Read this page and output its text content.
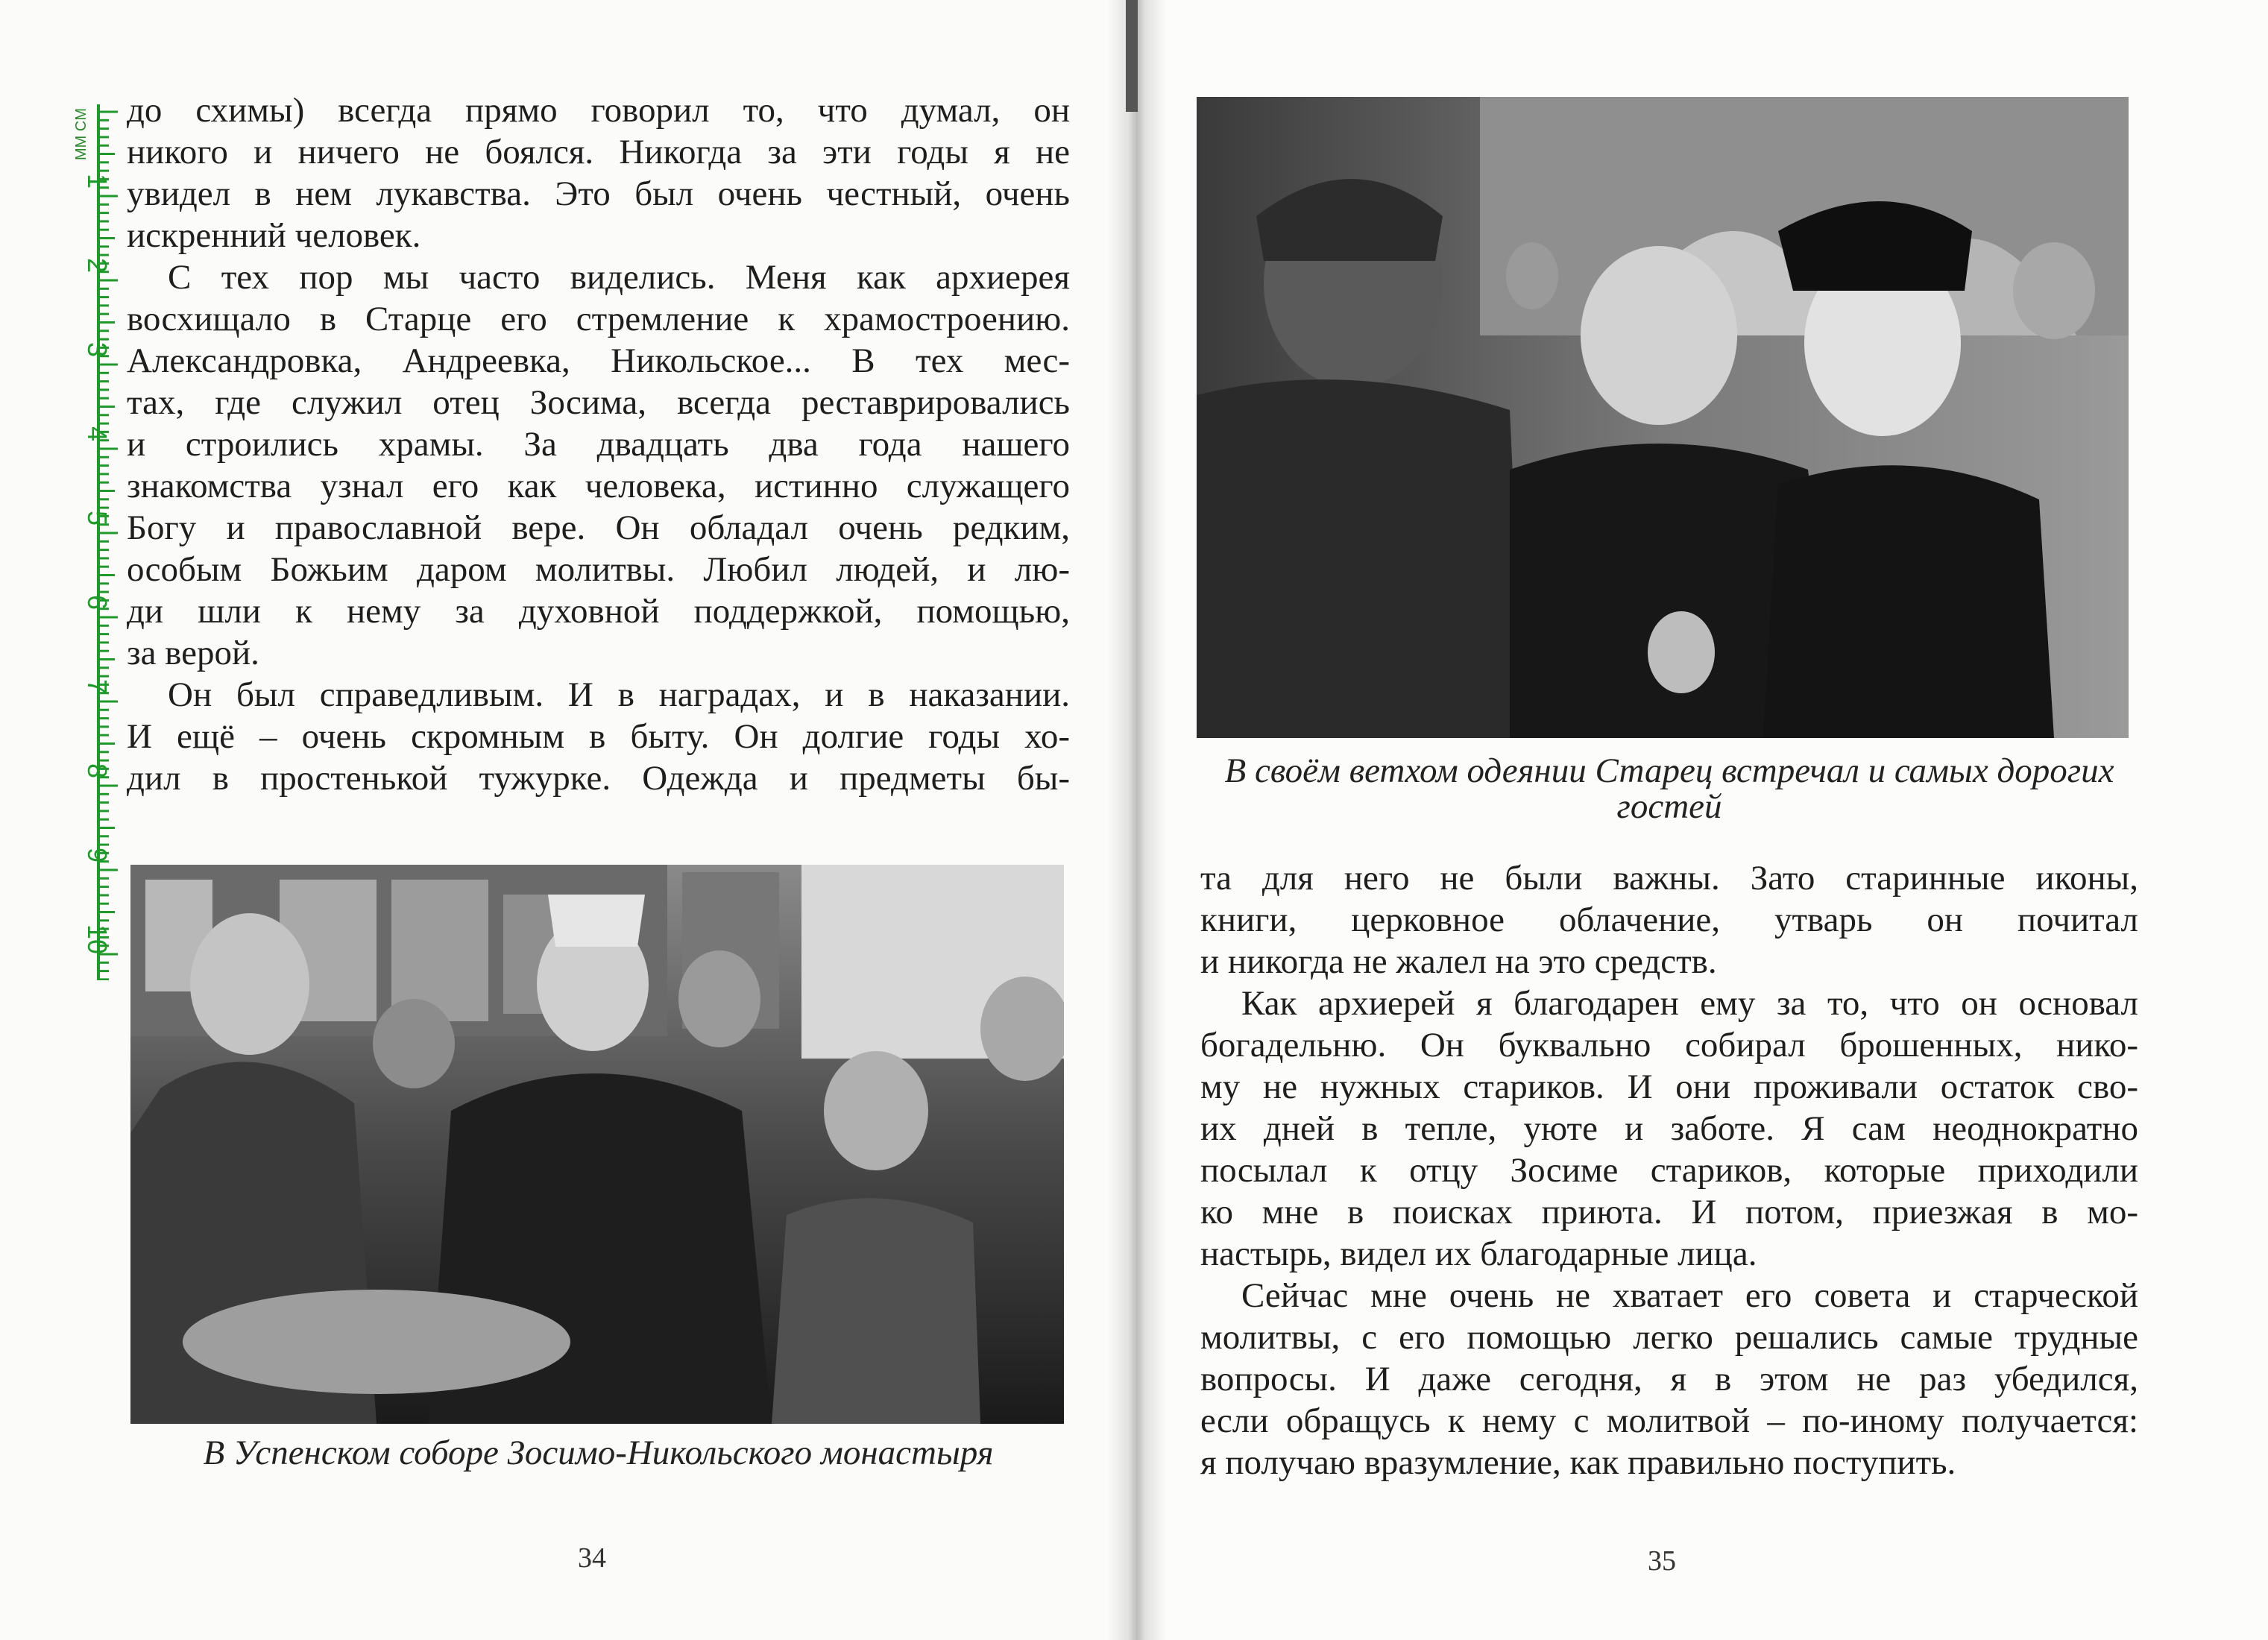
1
2
3
4
5
6
7
8
9
10
MM CM до схимы) всегда прямо говорил то, что думал, он
никого и ничего не боялся. Никогда за эти годы я не
увидел в нем лукавства. Это был очень честный, очень
искренний человек.
С тех пор мы часто виделись. Меня как архиерея
восхищало в Старце его стремление к храмостроению.
Александровка, Андреевка, Никольское... В тех мес-
тах, где служил отец Зосима, всегда реставрировались
и строились храмы. За двадцать два года нашего
знакомства узнал его как человека, истинно служащего
Богу и православной вере. Он обладал очень редким,
особым Божьим даром молитвы. Любил людей, и лю-
ди шли к нему за духовной поддержкой, помощью,
за верой.
Он был справедливым. И в наградах, и в наказании.
И ещё – очень скромным в быту. Он долгие годы хо-
дил в простенькой тужурке. Одежда и предметы бы-
В Успенском соборе Зосимо-Никольского монастыря
34
В своём ветхом одеянии Старец встречал и самых дорогих гостей
та для него не были важны. Зато старинные иконы,
книги, церковное облачение, утварь он почитал
и никогда не жалел на это средств.
Как архиерей я благодарен ему за то, что он основал
богадельню. Он буквально собирал брошенных, нико-
му не нужных стариков. И они проживали остаток сво-
их дней в тепле, уюте и заботе. Я сам неоднократно
посылал к отцу Зосиме стариков, которые приходили
ко мне в поисках приюта. И потом, приезжая в мо-
настырь, видел их благодарные лица.
Сейчас мне очень не хватает его совета и старческой
молитвы, с его помощью легко решались самые трудные
вопросы. И даже сегодня, я в этом не раз убедился,
если обращусь к нему с молитвой – по-иному получается:
я получаю вразумление, как правильно поступить.
35
